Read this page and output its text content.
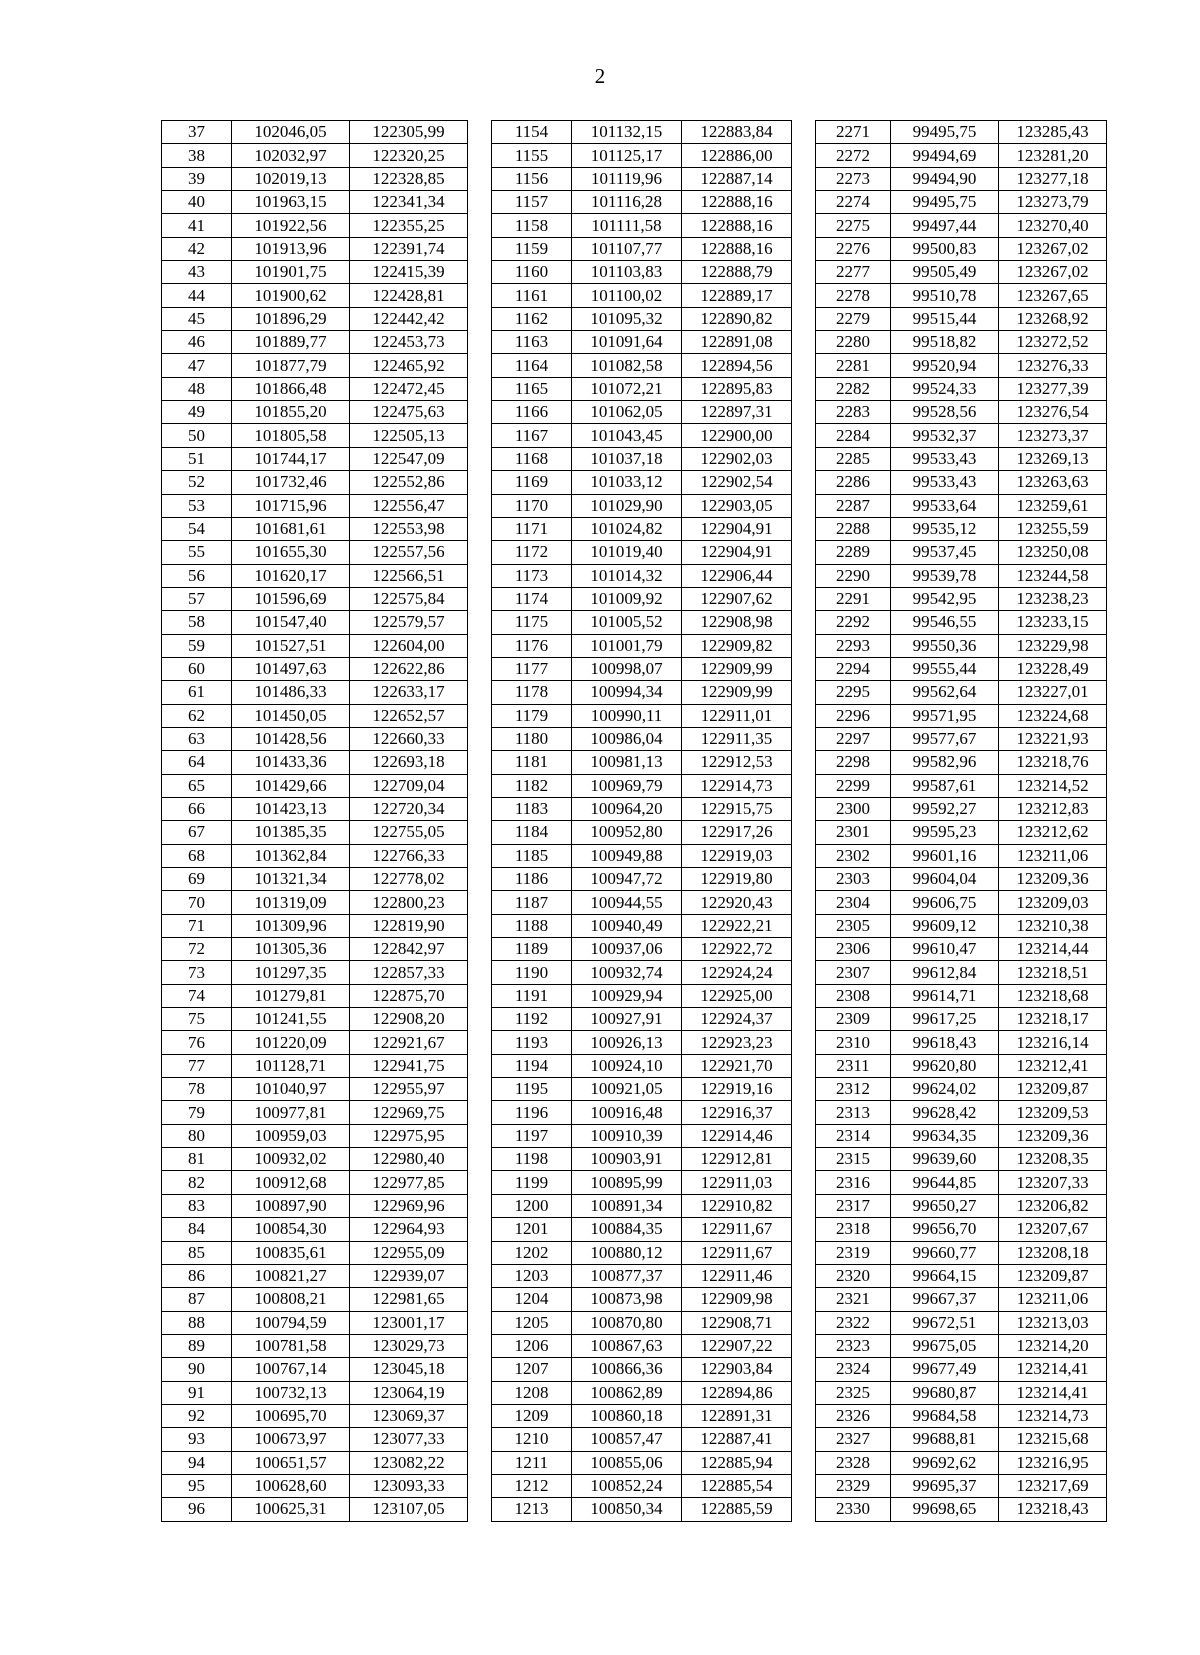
2
37	102046,05	122305,99
38	102032,97	122320,25
39	102019,13	122328,85
40	101963,15	122341,34
41	101922,56	122355,25
42	101913,96	122391,74
43	101901,75	122415,39
44	101900,62	122428,81
45	101896,29	122442,42
46	101889,77	122453,73
47	101877,79	122465,92
48	101866,48	122472,45
49	101855,20	122475,63
50	101805,58	122505,13
51	101744,17	122547,09
52	101732,46	122552,86
53	101715,96	122556,47
54	101681,61	122553,98
55	101655,30	122557,56
56	101620,17	122566,51
57	101596,69	122575,84
58	101547,40	122579,57
59	101527,51	122604,00
60	101497,63	122622,86
61	101486,33	122633,17
62	101450,05	122652,57
63	101428,56	122660,33
64	101433,36	122693,18
65	101429,66	122709,04
66	101423,13	122720,34
67	101385,35	122755,05
68	101362,84	122766,33
69	101321,34	122778,02
70	101319,09	122800,23
71	101309,96	122819,90
72	101305,36	122842,97
73	101297,35	122857,33
74	101279,81	122875,70
75	101241,55	122908,20
76	101220,09	122921,67
77	101128,71	122941,75
78	101040,97	122955,97
79	100977,81	122969,75
80	100959,03	122975,95
81	100932,02	122980,40
82	100912,68	122977,85
83	100897,90	122969,96
84	100854,30	122964,93
85	100835,61	122955,09
86	100821,27	122939,07
87	100808,21	122981,65
88	100794,59	123001,17
89	100781,58	123029,73
90	100767,14	123045,18
91	100732,13	123064,19
92	100695,70	123069,37
93	100673,97	123077,33
94	100651,57	123082,22
95	100628,60	123093,33
96	100625,31	123107,05
1154	101132,15	122883,84
1155	101125,17	122886,00
1156	101119,96	122887,14
1157	101116,28	122888,16
1158	101111,58	122888,16
1159	101107,77	122888,16
1160	101103,83	122888,79
1161	101100,02	122889,17
1162	101095,32	122890,82
1163	101091,64	122891,08
1164	101082,58	122894,56
1165	101072,21	122895,83
1166	101062,05	122897,31
1167	101043,45	122900,00
1168	101037,18	122902,03
1169	101033,12	122902,54
1170	101029,90	122903,05
1171	101024,82	122904,91
1172	101019,40	122904,91
1173	101014,32	122906,44
1174	101009,92	122907,62
1175	101005,52	122908,98
1176	101001,79	122909,82
1177	100998,07	122909,99
1178	100994,34	122909,99
1179	100990,11	122911,01
1180	100986,04	122911,35
1181	100981,13	122912,53
1182	100969,79	122914,73
1183	100964,20	122915,75
1184	100952,80	122917,26
1185	100949,88	122919,03
1186	100947,72	122919,80
1187	100944,55	122920,43
1188	100940,49	122922,21
1189	100937,06	122922,72
1190	100932,74	122924,24
1191	100929,94	122925,00
1192	100927,91	122924,37
1193	100926,13	122923,23
1194	100924,10	122921,70
1195	100921,05	122919,16
1196	100916,48	122916,37
1197	100910,39	122914,46
1198	100903,91	122912,81
1199	100895,99	122911,03
1200	100891,34	122910,82
1201	100884,35	122911,67
1202	100880,12	122911,67
1203	100877,37	122911,46
1204	100873,98	122909,98
1205	100870,80	122908,71
1206	100867,63	122907,22
1207	100866,36	122903,84
1208	100862,89	122894,86
1209	100860,18	122891,31
1210	100857,47	122887,41
1211	100855,06	122885,94
1212	100852,24	122885,54
1213	100850,34	122885,59
2271	99495,75	123285,43
2272	99494,69	123281,20
2273	99494,90	123277,18
2274	99495,75	123273,79
2275	99497,44	123270,40
2276	99500,83	123267,02
2277	99505,49	123267,02
2278	99510,78	123267,65
2279	99515,44	123268,92
2280	99518,82	123272,52
2281	99520,94	123276,33
2282	99524,33	123277,39
2283	99528,56	123276,54
2284	99532,37	123273,37
2285	99533,43	123269,13
2286	99533,43	123263,63
2287	99533,64	123259,61
2288	99535,12	123255,59
2289	99537,45	123250,08
2290	99539,78	123244,58
2291	99542,95	123238,23
2292	99546,55	123233,15
2293	99550,36	123229,98
2294	99555,44	123228,49
2295	99562,64	123227,01
2296	99571,95	123224,68
2297	99577,67	123221,93
2298	99582,96	123218,76
2299	99587,61	123214,52
2300	99592,27	123212,83
2301	99595,23	123212,62
2302	99601,16	123211,06
2303	99604,04	123209,36
2304	99606,75	123209,03
2305	99609,12	123210,38
2306	99610,47	123214,44
2307	99612,84	123218,51
2308	99614,71	123218,68
2309	99617,25	123218,17
2310	99618,43	123216,14
2311	99620,80	123212,41
2312	99624,02	123209,87
2313	99628,42	123209,53
2314	99634,35	123209,36
2315	99639,60	123208,35
2316	99644,85	123207,33
2317	99650,27	123206,82
2318	99656,70	123207,67
2319	99660,77	123208,18
2320	99664,15	123209,87
2321	99667,37	123211,06
2322	99672,51	123213,03
2323	99675,05	123214,20
2324	99677,49	123214,41
2325	99680,87	123214,41
2326	99684,58	123214,73
2327	99688,81	123215,68
2328	99692,62	123216,95
2329	99695,37	123217,69
2330	99698,65	123218,43
